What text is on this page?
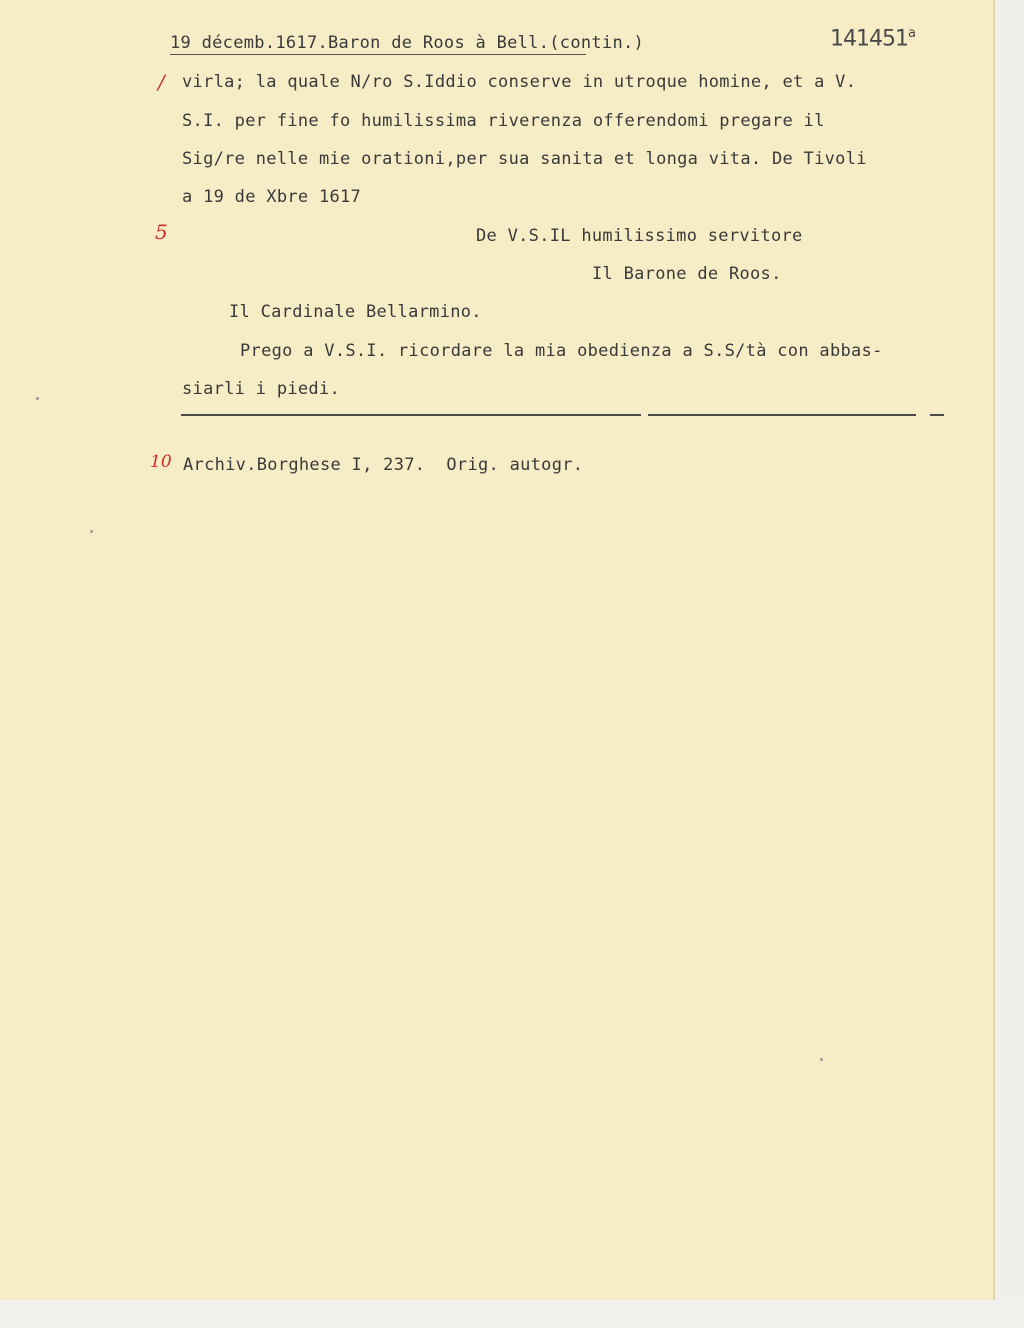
19 décemb.1617.Baron de Roos à Bell.(contin.)	141451$^a$
/
5
10
virla; la quale N/ro S.Iddio conserve in utroque homine, et a V.
S.I. per fine fo humilissima riverenza offerendomi pregare il
Sig/re nelle mie orationi,per sua sanita et longa vita. De Tivoli
a 19 de Xbre 1617
De V.S.IL humilissimo servitore
Il Barone de Roos.
Il Cardinale Bellarmino.
Prego a V.S.I. ricordare la mia obedienza a S.S/tà con abbas-
siarli i piedi.
Archiv.Borghese I, 237.  Orig. autogr.
